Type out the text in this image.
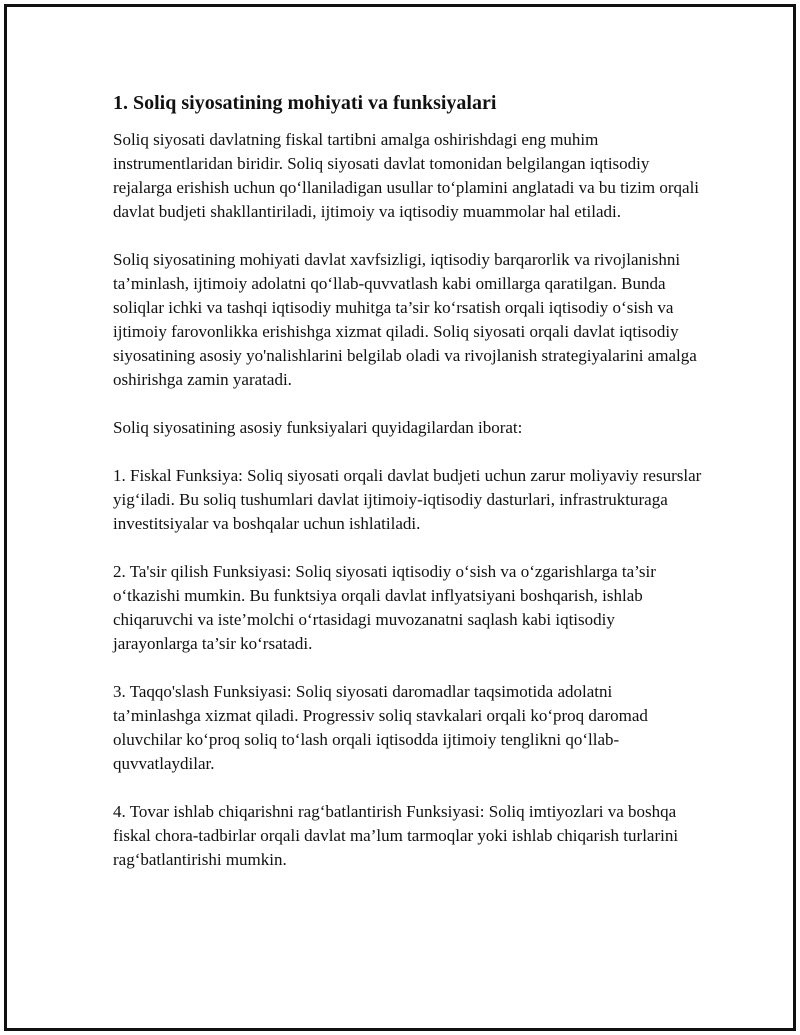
1. Soliq siyosatining mohiyati va funksiyalari

Soliq siyosati davlatning fiskal tartibni amalga oshirishdagi eng muhim instrumentlaridan biridir. Soliq siyosati davlat tomonidan belgilangan iqtisodiy rejalarga erishish uchun qo‘llaniladigan usullar to‘plamini anglatadi va bu tizim orqali davlat budjeti shakllantiriladi, ijtimoiy va iqtisodiy muammolar hal etiladi.

Soliq siyosatining mohiyati davlat xavfsizligi, iqtisodiy barqarorlik va rivojlanishni ta’minlash, ijtimoiy adolatni qo‘llab-quvvatlash kabi omillarga qaratilgan. Bunda soliqlar ichki va tashqi iqtisodiy muhitga ta’sir ko‘rsatish orqali iqtisodiy o‘sish va ijtimoiy farovonlikka erishishga xizmat qiladi. Soliq siyosati orqali davlat iqtisodiy siyosatining asosiy yo'nalishlarini belgilab oladi va rivojlanish strategiyalarini amalga oshirishga zamin yaratadi.

Soliq siyosatining asosiy funksiyalari quyidagilardan iborat:

1. Fiskal Funksiya: Soliq siyosati orqali davlat budjeti uchun zarur moliyaviy resurslar yig‘iladi. Bu soliq tushumlari davlat ijtimoiy-iqtisodiy dasturlari, infrastrukturaga investitsiyalar va boshqalar uchun ishlatiladi.

2. Ta'sir qilish Funksiyasi: Soliq siyosati iqtisodiy o‘sish va o‘zgarishlarga ta’sir o‘tkazishi mumkin. Bu funktsiya orqali davlat inflyatsiyani boshqarish, ishlab chiqaruvchi va iste’molchi o‘rtasidagi muvozanatni saqlash kabi iqtisodiy jarayonlarga ta’sir ko‘rsatadi.

3. Taqqo'slash Funksiyasi: Soliq siyosati daromadlar taqsimotida adolatni ta’minlashga xizmat qiladi. Progressiv soliq stavkalari orqali ko‘proq daromad oluvchilar ko‘proq soliq to‘lash orqali iqtisodda ijtimoiy tenglikni qo‘llab-quvvatlaydilar.

4. Tovar ishlab chiqarishni rag‘batlantirish Funksiyasi: Soliq imtiyozlari va boshqa fiskal chora-tadbirlar orqali davlat ma’lum tarmoqlar yoki ishlab chiqarish turlarini rag‘batlantirishi mumkin.
